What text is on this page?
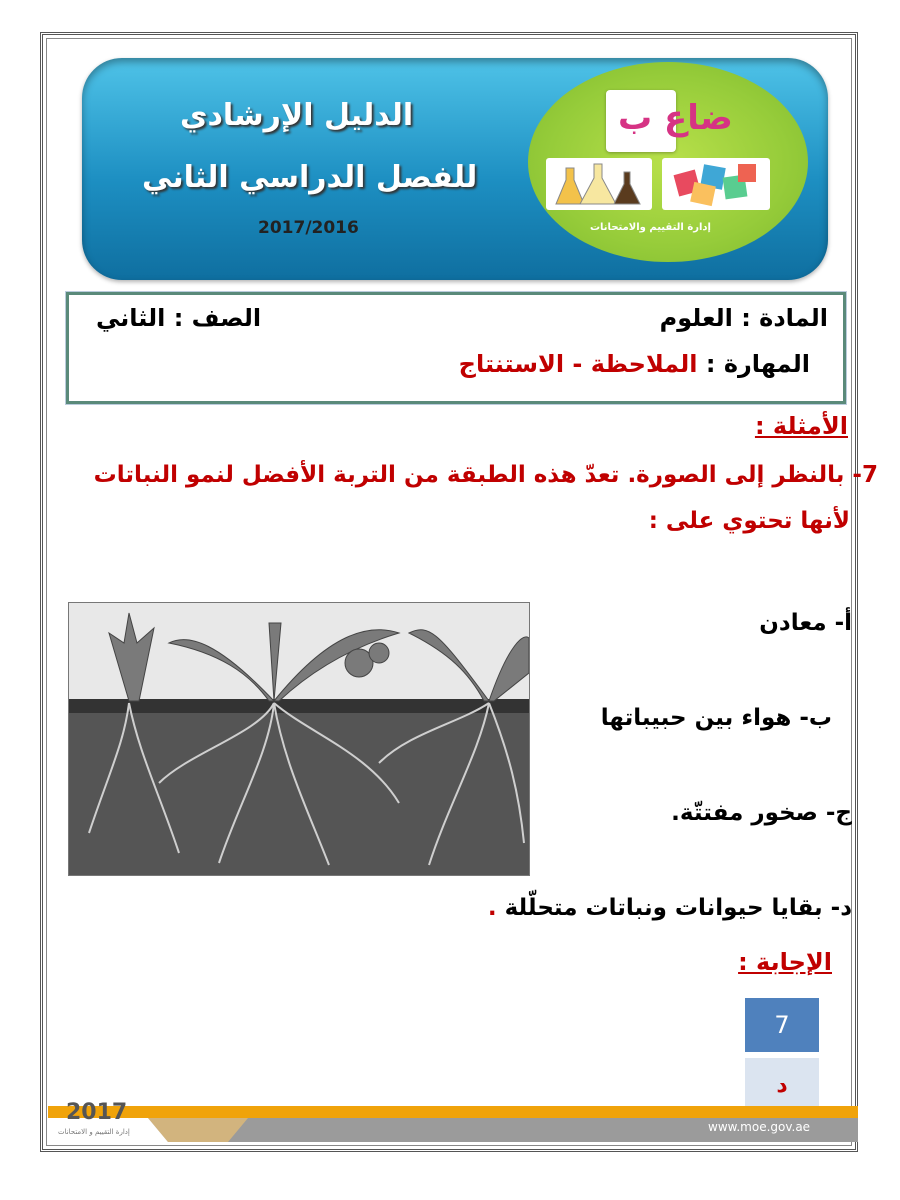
ضاع ب
إدارة التقييم والامتحانات
الدليل الإرشادي
للفصل الدراسي الثاني
2017/2016
المادة : العلوم
الصف : الثاني
المهارة : الملاحظة - الاستنتاج
الأمثلة :
7- بالنظر إلى الصورة. تعدّ هذه الطبقة من التربة الأفضل لنمو النباتات
لأنها تحتوي على :
أ- معادن
ب- هواء بين حبيباتها
ج- صخور مفتتّة.
د- بقايا حيوانات ونباتات متحلّلة .
الإجابة :
7
د
2017
إدارة التقييم و الامتحانات	www.moe.gov.ae
